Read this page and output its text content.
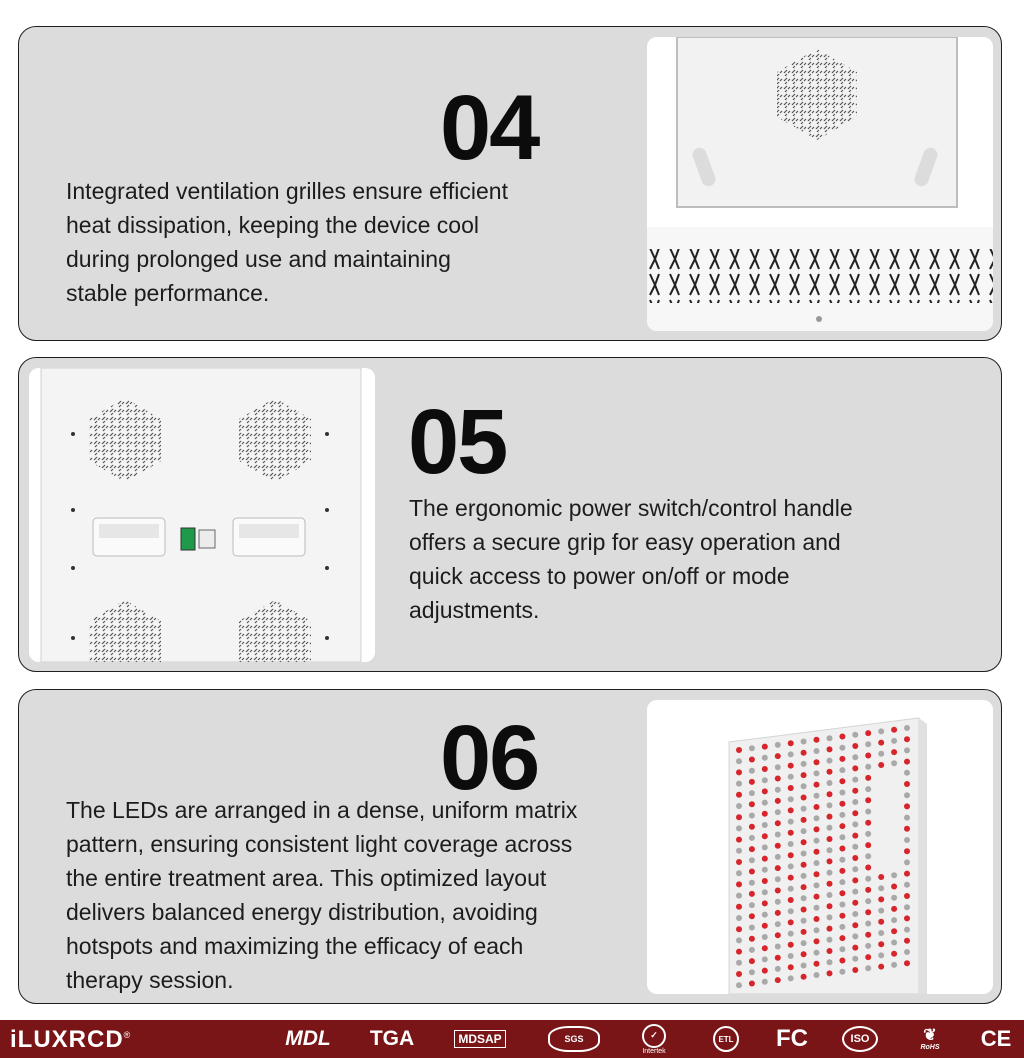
04

Integrated ventilation grilles ensure efficient
heat dissipation, keeping the device cool
during prolonged use and maintaining
stable performance.

05

The ergonomic power switch/control handle
offers a secure grip for easy operation and
quick access to power on/off or mode
adjustments.

06

The LEDs are arranged in a dense, uniform matrix
pattern, ensuring consistent light coverage across
the entire treatment area. This optimized layout
delivers balanced energy distribution, avoiding
hotspots and maximizing the efficacy of each
therapy session.

iLUXRCD®	MDL TGA	MDSAP	SGS	✓
Intertek
ETL FC	ISO	❦
RoHS CE
